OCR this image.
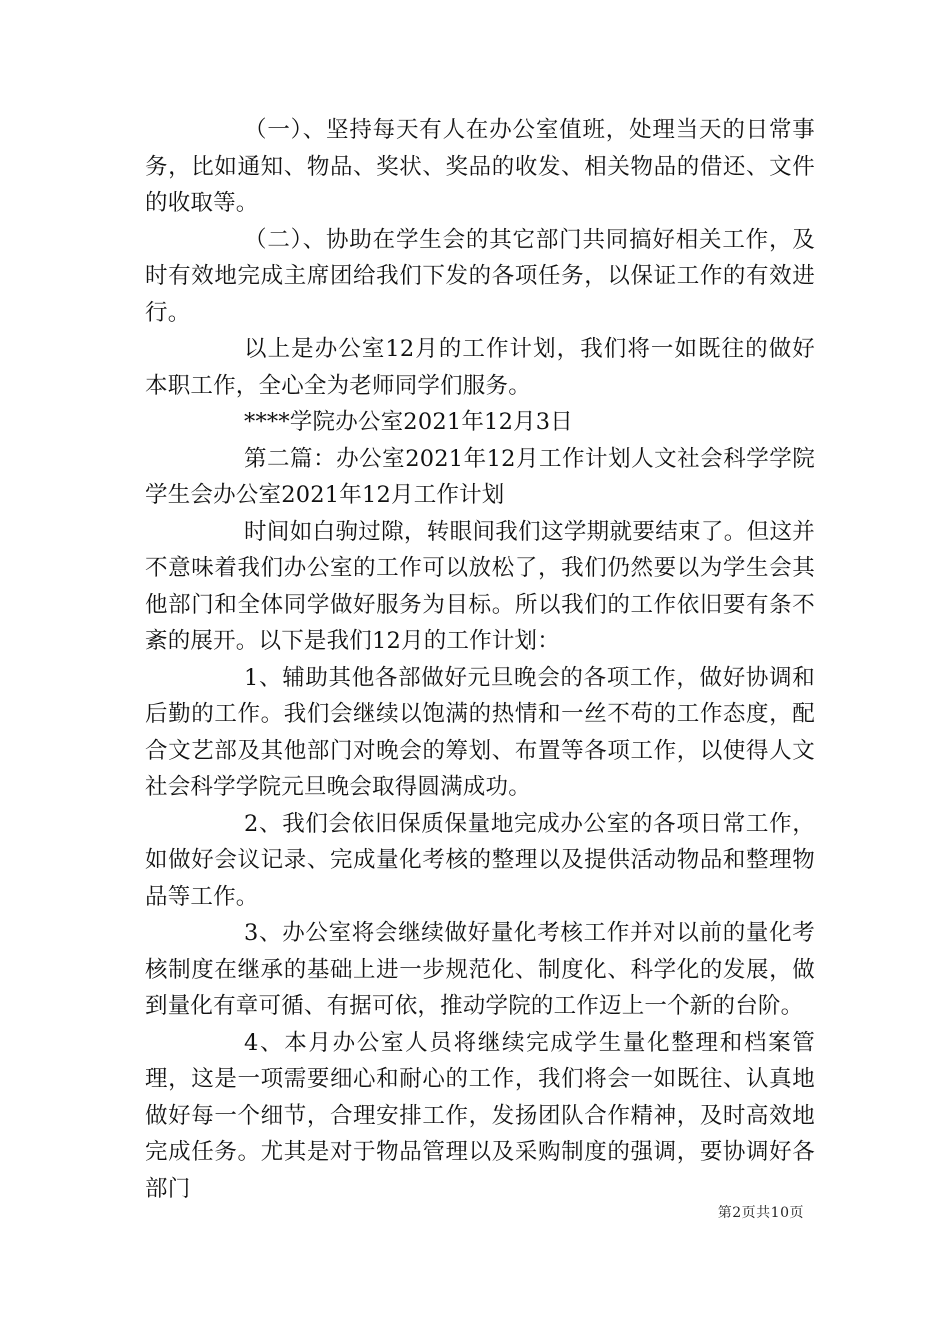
（一）、坚持每天有人在办公室值班，处理当天的日常事务，比如通知、物品、奖状、奖品的收发、相关物品的借还、文件的收取等。

（二）、协助在学生会的其它部门共同搞好相关工作，及时有效地完成主席团给我们下发的各项任务，以保证工作的有效进行。

以上是办公室12月的工作计划，我们将一如既往的做好本职工作，全心全为老师同学们服务。

****学院办公室2021年12月3日

第二篇：办公室2021年12月工作计划人文社会科学学院学生会办公室2021年12月工作计划

时间如白驹过隙，转眼间我们这学期就要结束了。但这并不意味着我们办公室的工作可以放松了，我们仍然要以为学生会其他部门和全体同学做好服务为目标。所以我们的工作依旧要有条不紊的展开。以下是我们12月的工作计划：

1、辅助其他各部做好元旦晚会的各项工作，做好协调和后勤的工作。我们会继续以饱满的热情和一丝不苟的工作态度，配合文艺部及其他部门对晚会的筹划、布置等各项工作，以使得人文社会科学学院元旦晚会取得圆满成功。

2、我们会依旧保质保量地完成办公室的各项日常工作，如做好会议记录、完成量化考核的整理以及提供活动物品和整理物品等工作。

3、办公室将会继续做好量化考核工作并对以前的量化考核制度在继承的基础上进一步规范化、制度化、科学化的发展，做到量化有章可循、有据可依，推动学院的工作迈上一个新的台阶。

4、本月办公室人员将继续完成学生量化整理和档案管理，这是一项需要细心和耐心的工作，我们将会一如既往、认真地做好每一个细节，合理安排工作，发扬团队合作精神，及时高效地完成任务。尤其是对于物品管理以及采购制度的强调，要协调好各部门

第2页共10页
